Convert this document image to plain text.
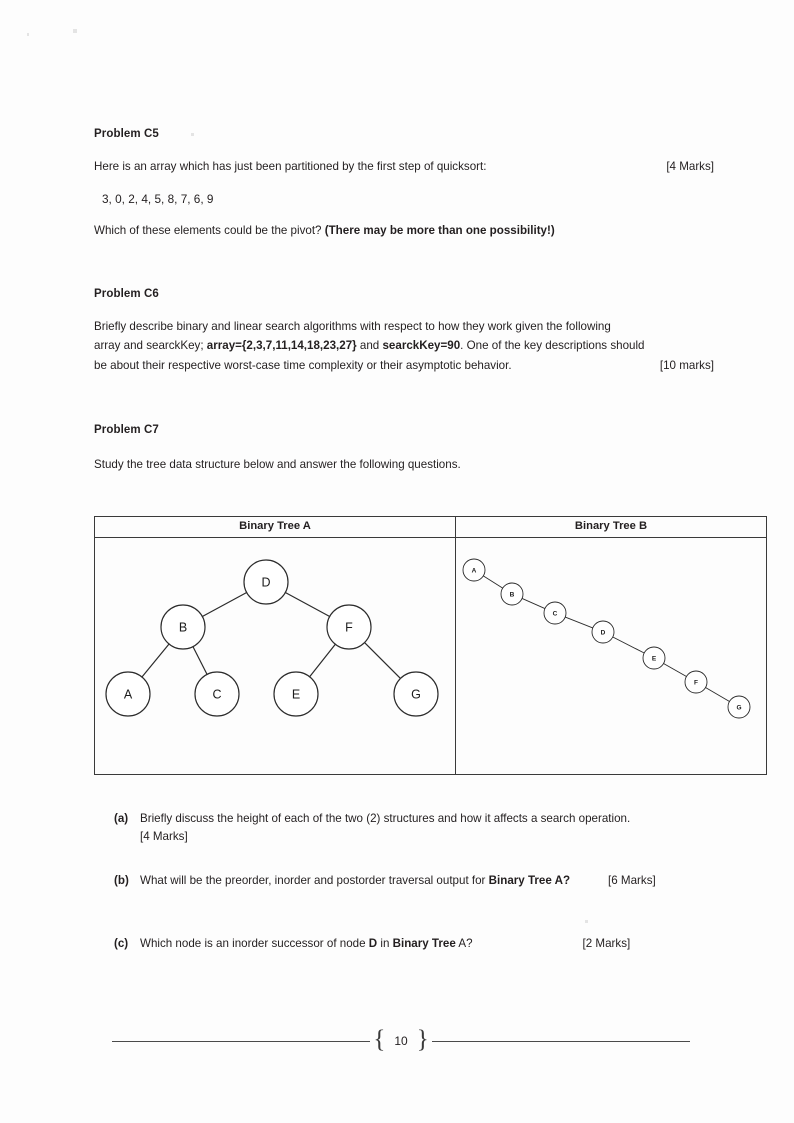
Problem C5

Here is an array which has just been partitioned by the first step of quicksort:	[4 Marks]

3, 0, 2, 4, 5, 8, 7, 6, 9

Which of these elements could be the pivot? (There may be more than one possibility!)

Problem C6

Briefly describe binary and linear search algorithms with respect to how they work given the following

array and searckKey; array={2,3,7,11,14,18,23,27} and searckKey=90. One of the key descriptions should

be about their respective worst-case time complexity or their asymptotic behavior.	[10 marks]

Problem C7

Study the tree data structure below and answer the following questions.

Binary Tree A	Binary Tree B
D
B	F
A	C	E	G
A
B
C
D
E
F
G
(a)	Briefly discuss the height of each of the two (2) structures and how it affects a search operation.
[4 Marks]
(b) What will be the preorder, inorder and postorder traversal output for Binary Tree A?	[6 Marks]
(c)	Which node is an inorder successor of node D in Binary Tree A?	[2 Marks]
{ 10 }
